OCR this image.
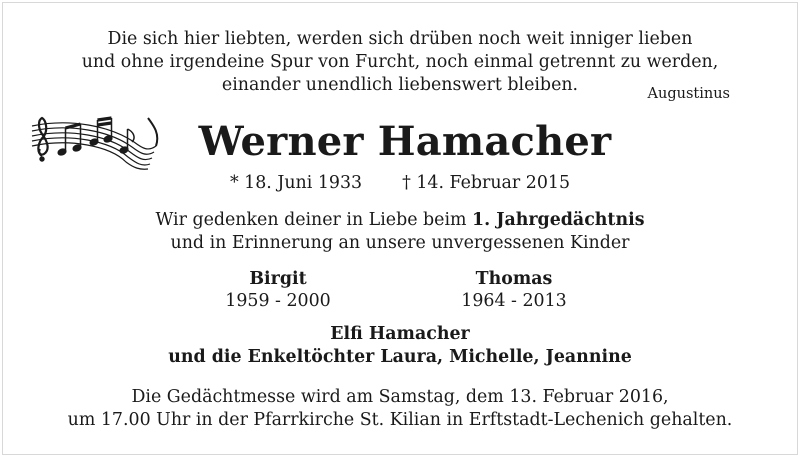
Die sich hier liebten, werden sich drüben noch weit inniger lieben
und ohne irgendeine Spur von Furcht, noch einmal getrennt zu werden,
einander unendlich liebenswert bleiben.	Augustinus
Werner Hamacher
* 18. Juni 1933 † 14. Februar 2015
Wir gedenken deiner in Liebe beim 1. Jahrgedächtnis
und in Erinnerung an unsere unvergessenen Kinder
Birgit
1959 - 2000
Thomas
1964 - 2013
Elfi Hamacher
und die Enkeltöchter Laura, Michelle, Jeannine
Die Gedächtmesse wird am Samstag, dem 13. Februar 2016,
um 17.00 Uhr in der Pfarrkirche St. Kilian in Erftstadt-Lechenich gehalten.
